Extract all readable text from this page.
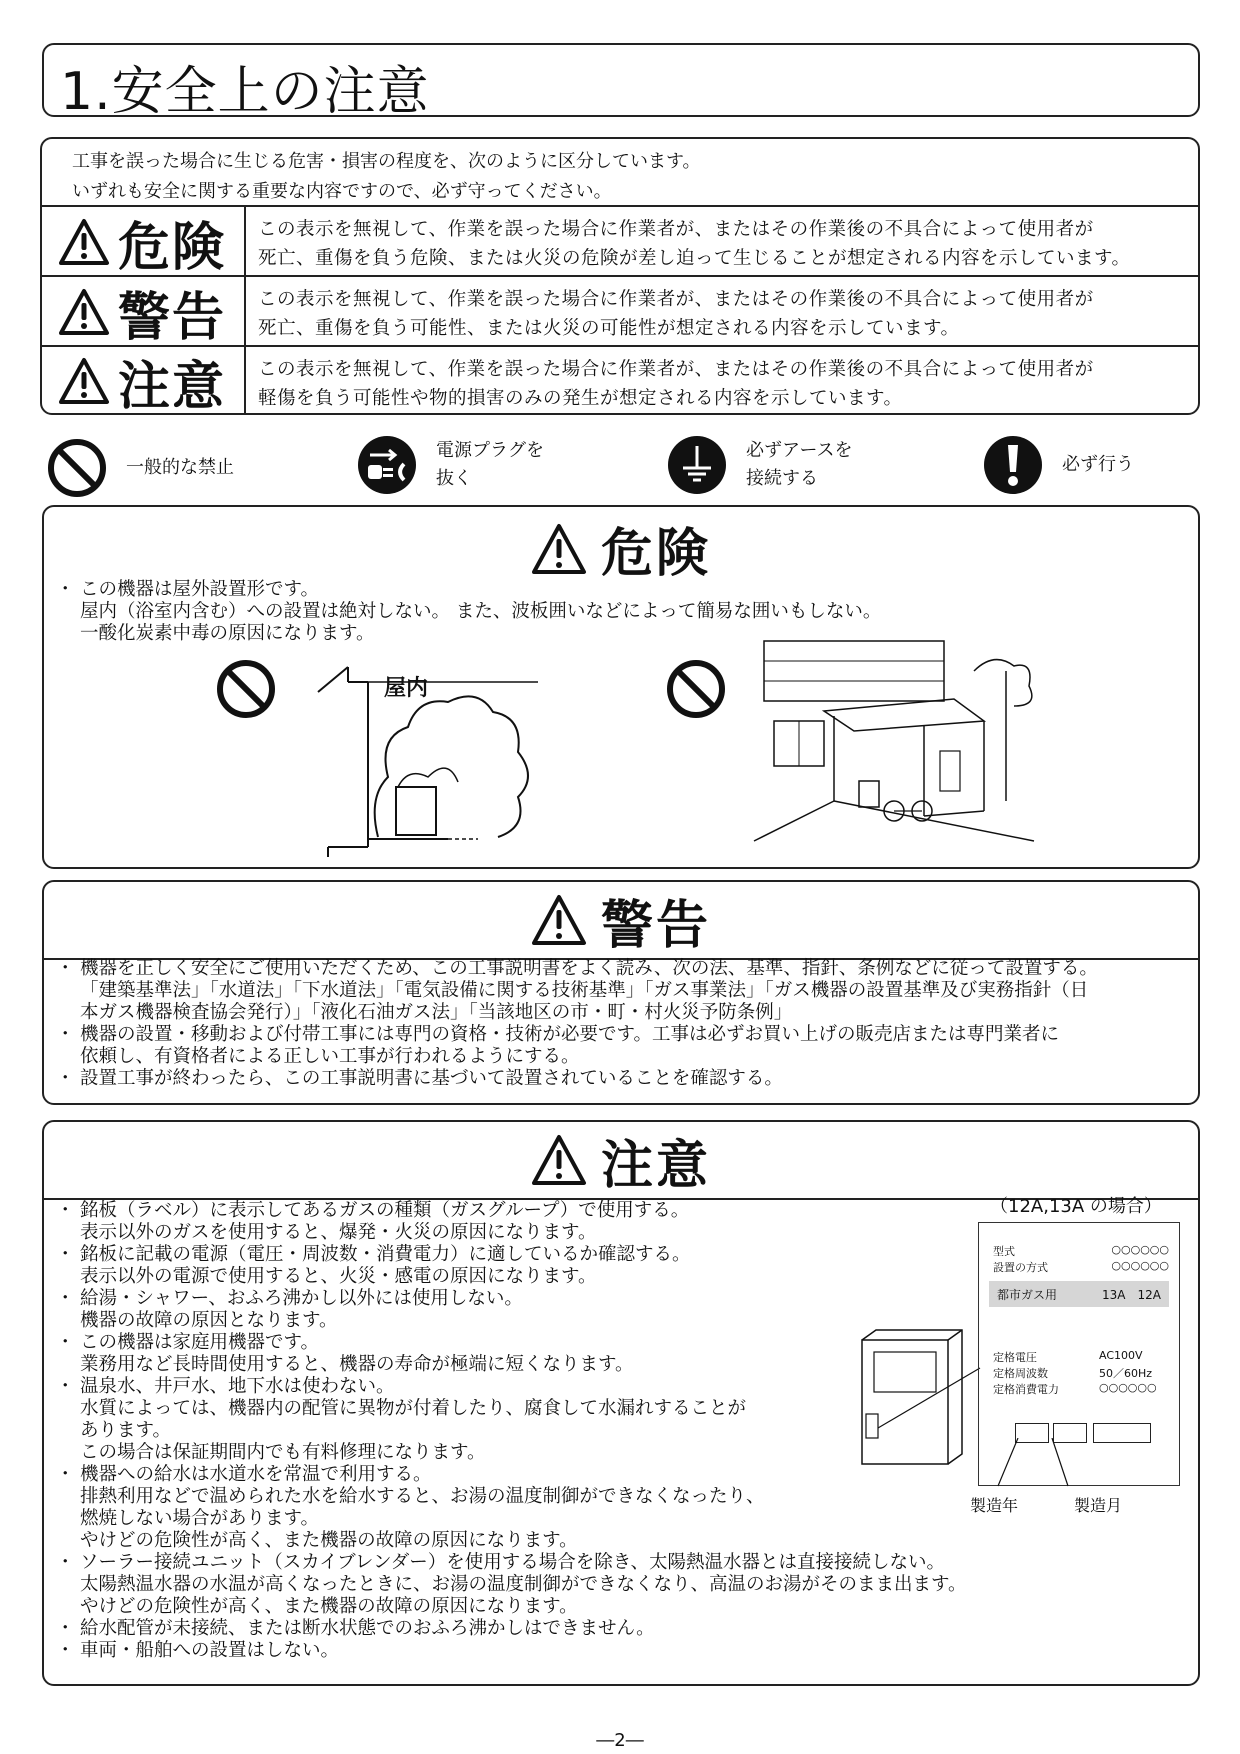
1.安全上の注意
工事を誤った場合に生じる危害・損害の程度を、次のように区分しています。
いずれも安全に関する重要な内容ですので、必ず守ってください。
危険 この表示を無視して、作業を誤った場合に作業者が、またはその作業後の不具合によって使用者が
死亡、重傷を負う危険、または火災の危険が差し迫って生じることが想定される内容を示しています。
警告 この表示を無視して、作業を誤った場合に作業者が、またはその作業後の不具合によって使用者が
死亡、重傷を負う可能性、または火災の可能性が想定される内容を示しています。
注意 この表示を無視して、作業を誤った場合に作業者が、またはその作業後の不具合によって使用者が
軽傷を負う可能性や物的損害のみの発生が想定される内容を示しています。
一般的な禁止
電源プラグを
抜く
必ずアースを
接続する
必ず行う
危険
・ この機器は屋外設置形です。
屋内（浴室内含む）への設置は絶対しない。 また、波板囲いなどによって簡易な囲いもしない。
一酸化炭素中毒の原因になります。
屋内
警告
・ 機器を正しく安全にご使用いただくため、この工事説明書をよく読み、次の法、基準、指針、条例などに従って設置する。
「建築基準法」「水道法」「下水道法」「電気設備に関する技術基準」「ガス事業法」「ガス機器の設置基準及び実務指針（日
本ガス機器検査協会発行）」「液化石油ガス法」「当該地区の市・町・村火災予防条例」
・ 機器の設置・移動および付帯工事には専門の資格・技術が必要です。工事は必ずお買い上げの販売店または専門業者に
依頼し、有資格者による正しい工事が行われるようにする。
・ 設置工事が終わったら、この工事説明書に基づいて設置されていることを確認する。
注意
・ 銘板（ラベル）に表示してあるガスの種類（ガスグループ）で使用する。
表示以外のガスを使用すると、爆発・火災の原因になります。
・ 銘板に記載の電源（電圧・周波数・消費電力）に適しているか確認する。
表示以外の電源で使用すると、火災・感電の原因になります。
・ 給湯・シャワー、おふろ沸かし以外には使用しない。
機器の故障の原因となります。
・ この機器は家庭用機器です。
業務用など長時間使用すると、機器の寿命が極端に短くなります。
・ 温泉水、井戸水、地下水は使わない。
水質によっては、機器内の配管に異物が付着したり、腐食して水漏れすることが
あります。
この場合は保証期間内でも有料修理になります。
・ 機器への給水は水道水を常温で利用する。
排熱利用などで温められた水を給水すると、お湯の温度制御ができなくなったり、
燃焼しない場合があります。
やけどの危険性が高く、また機器の故障の原因になります。
・ ソーラー接続ユニット（スカイブレンダー）を使用する場合を除き、太陽熱温水器とは直接接続しない。
太陽熱温水器の水温が高くなったときに、お湯の温度制御ができなくなり、高温のお湯がそのまま出ます。
やけどの危険性が高く、また機器の故障の原因になります。
・ 給水配管が未接続、または断水状態でのおふろ沸かしはできません。
・ 車両・船舶への設置はしない。
（12A,13A の場合）
型式	○○○○○○
設置の方式	○○○○○○
都市ガス用	13A　12A
定格電圧	AC100V
定格周波数	50／60Hz
定格消費電力	○○○○○○
製造年	製造月
―2―
